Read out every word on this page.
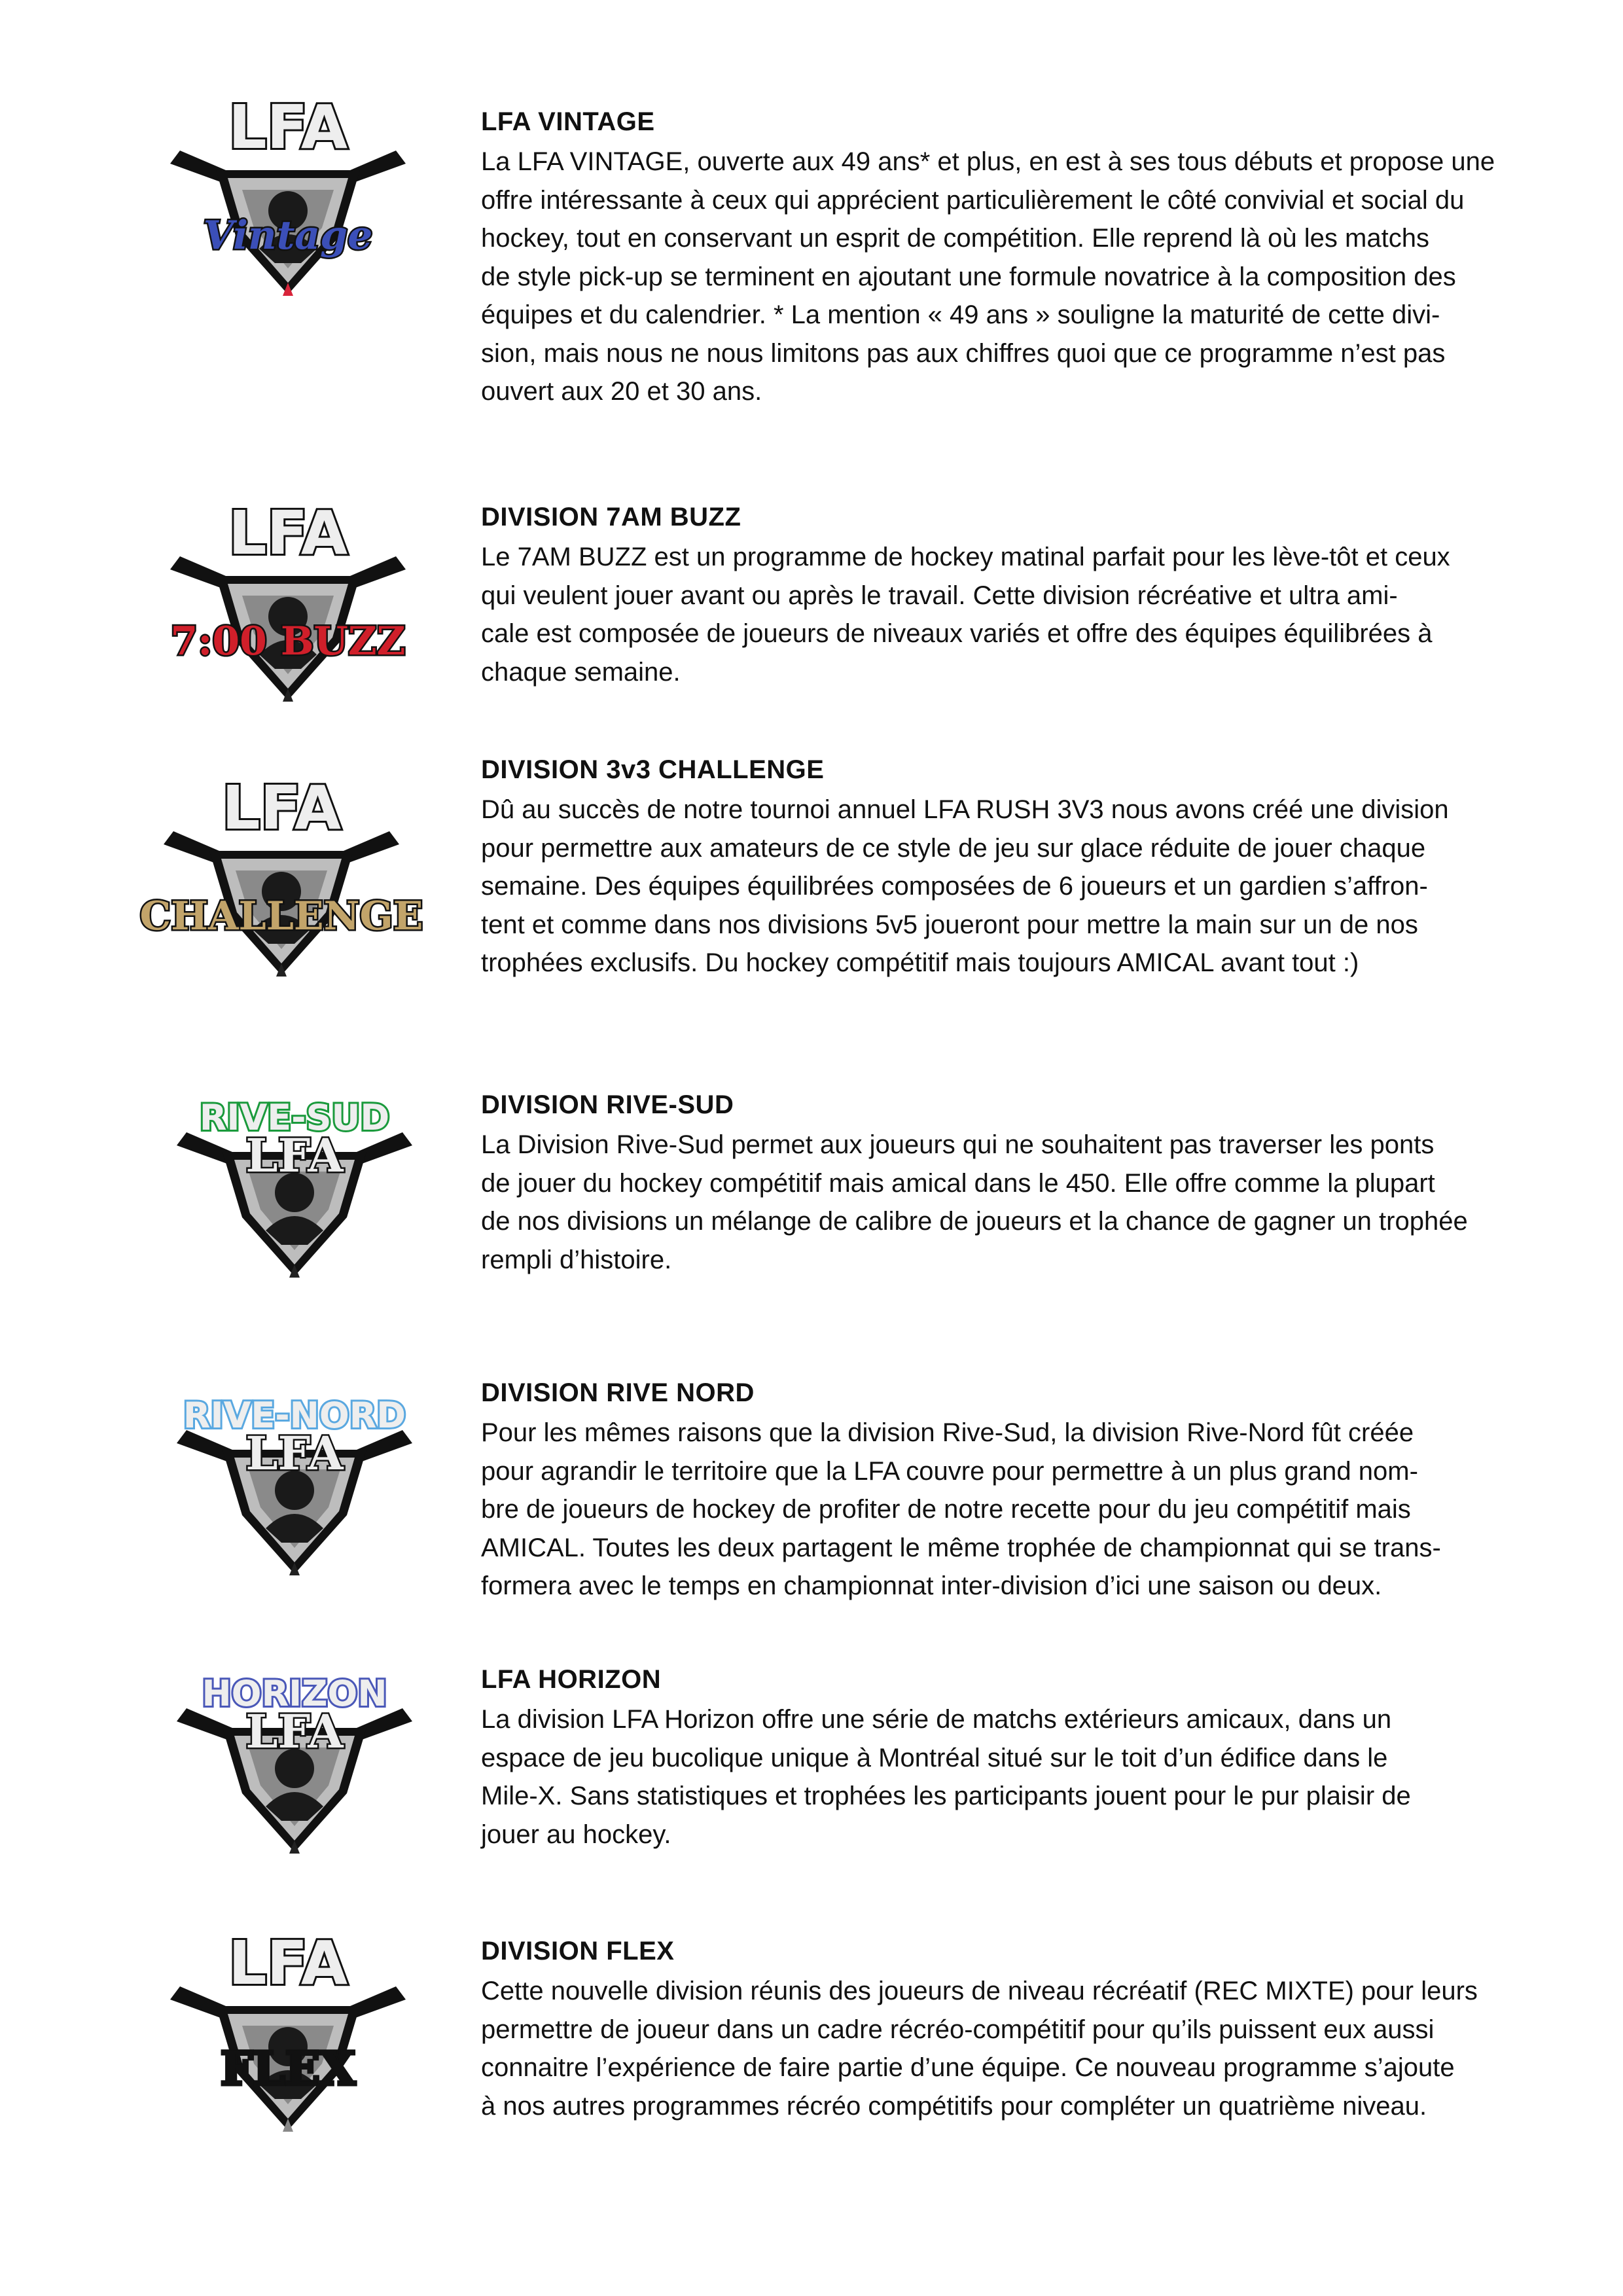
LFA
Vintage
LFA VINTAGE

La LFA VINTAGE, ouverte aux 49 ans* et plus, en est à ses tous débuts et propose une
offre intéressante à ceux qui apprécient particulièrement le côté convivial et social du
hockey, tout en conservant un esprit de compétition. Elle reprend là où les matchs
de style pick-up se terminent en ajoutant une formule novatrice à la composition des
équipes et du calendrier. * La mention « 49 ans » souligne la maturité de cette divi-
sion, mais nous ne nous limitons pas aux chiffres quoi que ce programme n’est pas
ouvert aux 20 et 30 ans.

LFA
7:00 BUZZ
DIVISION 7AM BUZZ

Le 7AM BUZZ est un programme de hockey matinal parfait pour les lève-tôt et ceux
qui veulent jouer avant ou après le travail. Cette division récréative et ultra ami-
cale est composée de joueurs de niveaux variés et offre des équipes équilibrées à
chaque semaine.

LFA
CHALLENGE
DIVISION 3v3 CHALLENGE

Dû au succès de notre tournoi annuel LFA RUSH 3V3 nous avons créé une division
pour permettre aux amateurs de ce style de jeu sur glace réduite de jouer chaque
semaine. Des équipes équilibrées composées de 6 joueurs et un gardien s’affron-
tent et comme dans nos divisions 5v5 joueront pour mettre la main sur un de nos
trophées exclusifs. Du hockey compétitif mais toujours AMICAL avant tout :)

RIVE-SUD
LFA
DIVISION RIVE-SUD

La Division Rive-Sud permet aux joueurs qui ne souhaitent pas traverser les ponts
de jouer du hockey compétitif mais amical dans le 450. Elle offre comme la plupart
de nos divisions un mélange de calibre de joueurs et la chance de gagner un trophée
rempli d’histoire.

RIVE-NORD
LFA
DIVISION RIVE NORD

Pour les mêmes raisons que la division Rive-Sud, la division Rive-Nord fût créée
pour agrandir le territoire que la LFA couvre pour permettre à un plus grand nom-
bre de joueurs de hockey de profiter de notre recette pour du jeu compétitif mais
AMICAL. Toutes les deux partagent le même trophée de championnat qui se trans-
formera avec le temps en championnat inter-division d’ici une saison ou deux.

HORIZON
LFA
LFA HORIZON

La division LFA Horizon offre une série de matchs extérieurs amicaux, dans un
espace de jeu bucolique unique à Montréal situé sur le toit d’un édifice dans le
Mile-X. Sans statistiques et trophées les participants jouent pour le pur plaisir de
jouer au hockey.

LFA
FLEX
DIVISION FLEX

Cette nouvelle division réunis des joueurs de niveau récréatif (REC MIXTE) pour leurs
permettre de joueur dans un cadre récréo-compétitif pour qu’ils puissent eux aussi
connaitre l’expérience de faire partie d’une équipe. Ce nouveau programme s’ajoute
à nos autres programmes récréo compétitifs pour compléter un quatrième niveau.
